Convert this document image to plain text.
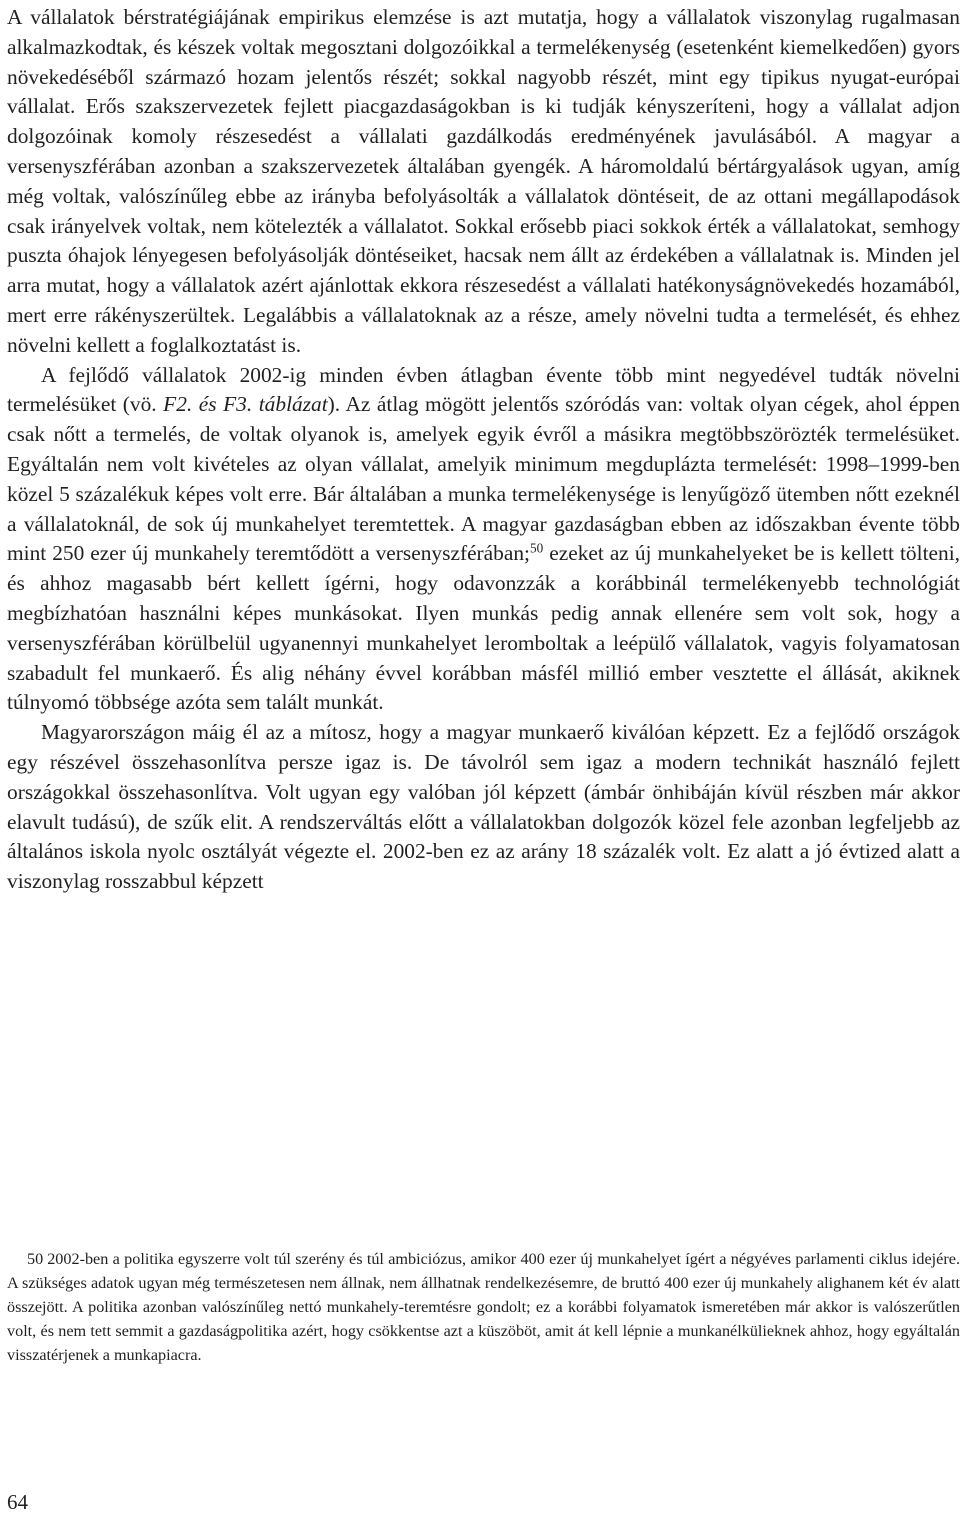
A vállalatok bérstratégiájának empirikus elemzése is azt mutatja, hogy a vállalatok viszonylag rugalmasan alkalmazkodtak, és készek voltak megosztani dolgozóikkal a termelékenység (esetenként kiemelkedően) gyors növekedéséből származó hozam jelentős részét; sokkal nagyobb részét, mint egy tipikus nyugat-európai vállalat. Erős szakszervezetek fejlett piacgazdaságokban is ki tudják kényszeríteni, hogy a vállalat adjon dolgozóinak komoly részesedést a vállalati gazdálkodás eredményének javulásából. A magyar a versenyszférában azonban a szakszervezetek általában gyengék. A háromoldalú bértárgyalások ugyan, amíg még voltak, valószínűleg ebbe az irányba befolyásolták a vállalatok döntéseit, de az ottani megállapodások csak irányelvek voltak, nem kötelezték a vállalatot. Sokkal erősebb piaci sokkok érték a vállalatokat, semhogy puszta óhajok lényegesen befolyásolják döntéseiket, hacsak nem állt az érdekében a vállalatnak is. Minden jel arra mutat, hogy a vállalatok azért ajánlottak ekkora részesedést a vállalati hatékonyságnövekedés hozamából, mert erre rákényszerültek. Legalábbis a vállalatoknak az a része, amely növelni tudta a termelését, és ehhez növelni kellett a foglalkoztatást is.

A fejlődő vállalatok 2002-ig minden évben átlagban évente több mint negyedével tudták növelni termelésüket (vö. F2. és F3. táblázat). Az átlag mögött jelentős szóródás van: voltak olyan cégek, ahol éppen csak nőtt a termelés, de voltak olyanok is, amelyek egyik évről a másikra megtöbbszörözték termelésüket. Egyáltalán nem volt kivételes az olyan vállalat, amelyik minimum megduplázta termelését: 1998–1999-ben közel 5 százalékuk képes volt erre. Bár általában a munka termelékenysége is lenyűgöző ütemben nőtt ezeknél a vállalatoknál, de sok új munkahelyet teremtettek. A magyar gazdaságban ebben az időszakban évente több mint 250 ezer új munkahely teremtődött a versenyszférában;$^{50}$ ezeket az új munkahelyeket be is kellett tölteni, és ahhoz magasabb bért kellett ígérni, hogy odavonzzák a korábbinál termelékenyebb technológiát megbízhatóan használni képes munkásokat. Ilyen munkás pedig annak ellenére sem volt sok, hogy a versenyszférában körülbelül ugyanennyi munkahelyet leromboltak a leépülő vállalatok, vagyis folyamatosan szabadult fel munkaerő. És alig néhány évvel korábban másfél millió ember vesztette el állását, akiknek túlnyomó többsége azóta sem talált munkát.

Magyarországon máig él az a mítosz, hogy a magyar munkaerő kiválóan képzett. Ez a fejlődő országok egy részével összehasonlítva persze igaz is. De távolról sem igaz a modern technikát használó fejlett országokkal összehasonlítva. Volt ugyan egy valóban jól képzett (ámbár önhibáján kívül részben már akkor elavult tudású), de szűk elit. A rendszerváltás előtt a vállalatokban dolgozók közel fele azonban legfeljebb az általános iskola nyolc osztályát végezte el. 2002-ben ez az arány 18 százalék volt. Ez alatt a jó évtized alatt a viszonylag rosszabbul képzett

50 2002-ben a politika egyszerre volt túl szerény és túl ambiciózus, amikor 400 ezer új munkahelyet ígért a négyéves parlamenti ciklus idejére. A szükséges adatok ugyan még természetesen nem állnak, nem állhatnak rendelkezésemre, de bruttó 400 ezer új munkahely alighanem két év alatt összejött. A politika azonban valószínűleg nettó munkahely-teremtésre gondolt; ez a korábbi folyamatok ismeretében már akkor is valószerűtlen volt, és nem tett semmit a gazdaságpolitika azért, hogy csökkentse azt a küszöböt, amit át kell lépnie a munkanélkülieknek ahhoz, hogy egyáltalán visszatérjenek a munkapiacra.

64
